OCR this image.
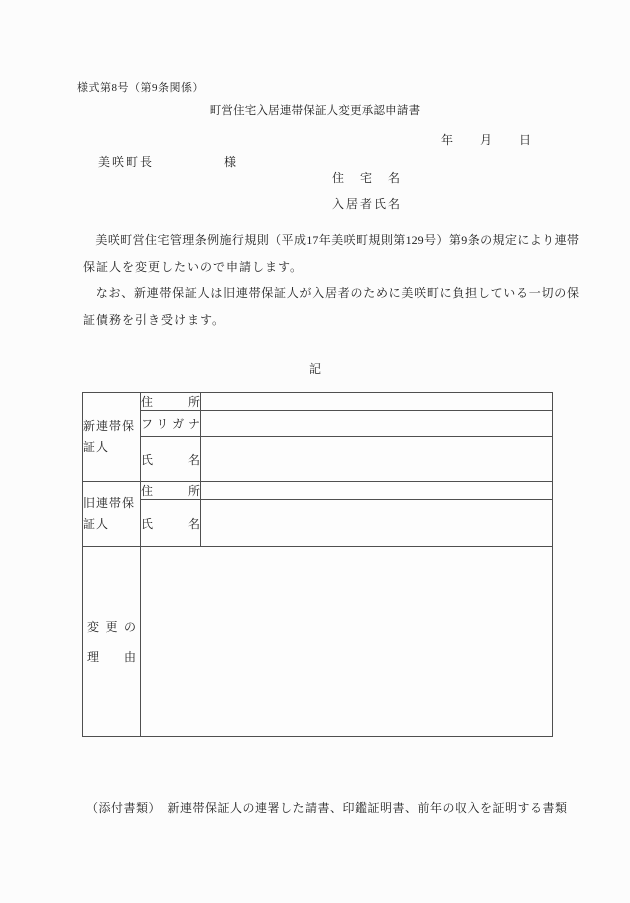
様式第8号（第9条関係）
町営住宅入居連帯保証人変更承認申請書
年　　月　　日
美咲町長　　　　　様
住　宅　名
入居者氏名
　美咲町営住宅管理条例施行規則（平成17年美咲町規則第129号）第9条の規定により連帯
保証人を変更したいので申請します。
　なお、新連帯保証人は旧連帯保証人が入居者のために美咲町に負担している一切の保
証債務を引き受けます。
記
新連帯保証人	住所	
	フリガナ	
	氏名	
旧連帯保証人	住所	
	氏名	

変更の
理由		

（添付書類）　新連帯保証人の連署した請書、印鑑証明書、前年の収入を証明する書類
